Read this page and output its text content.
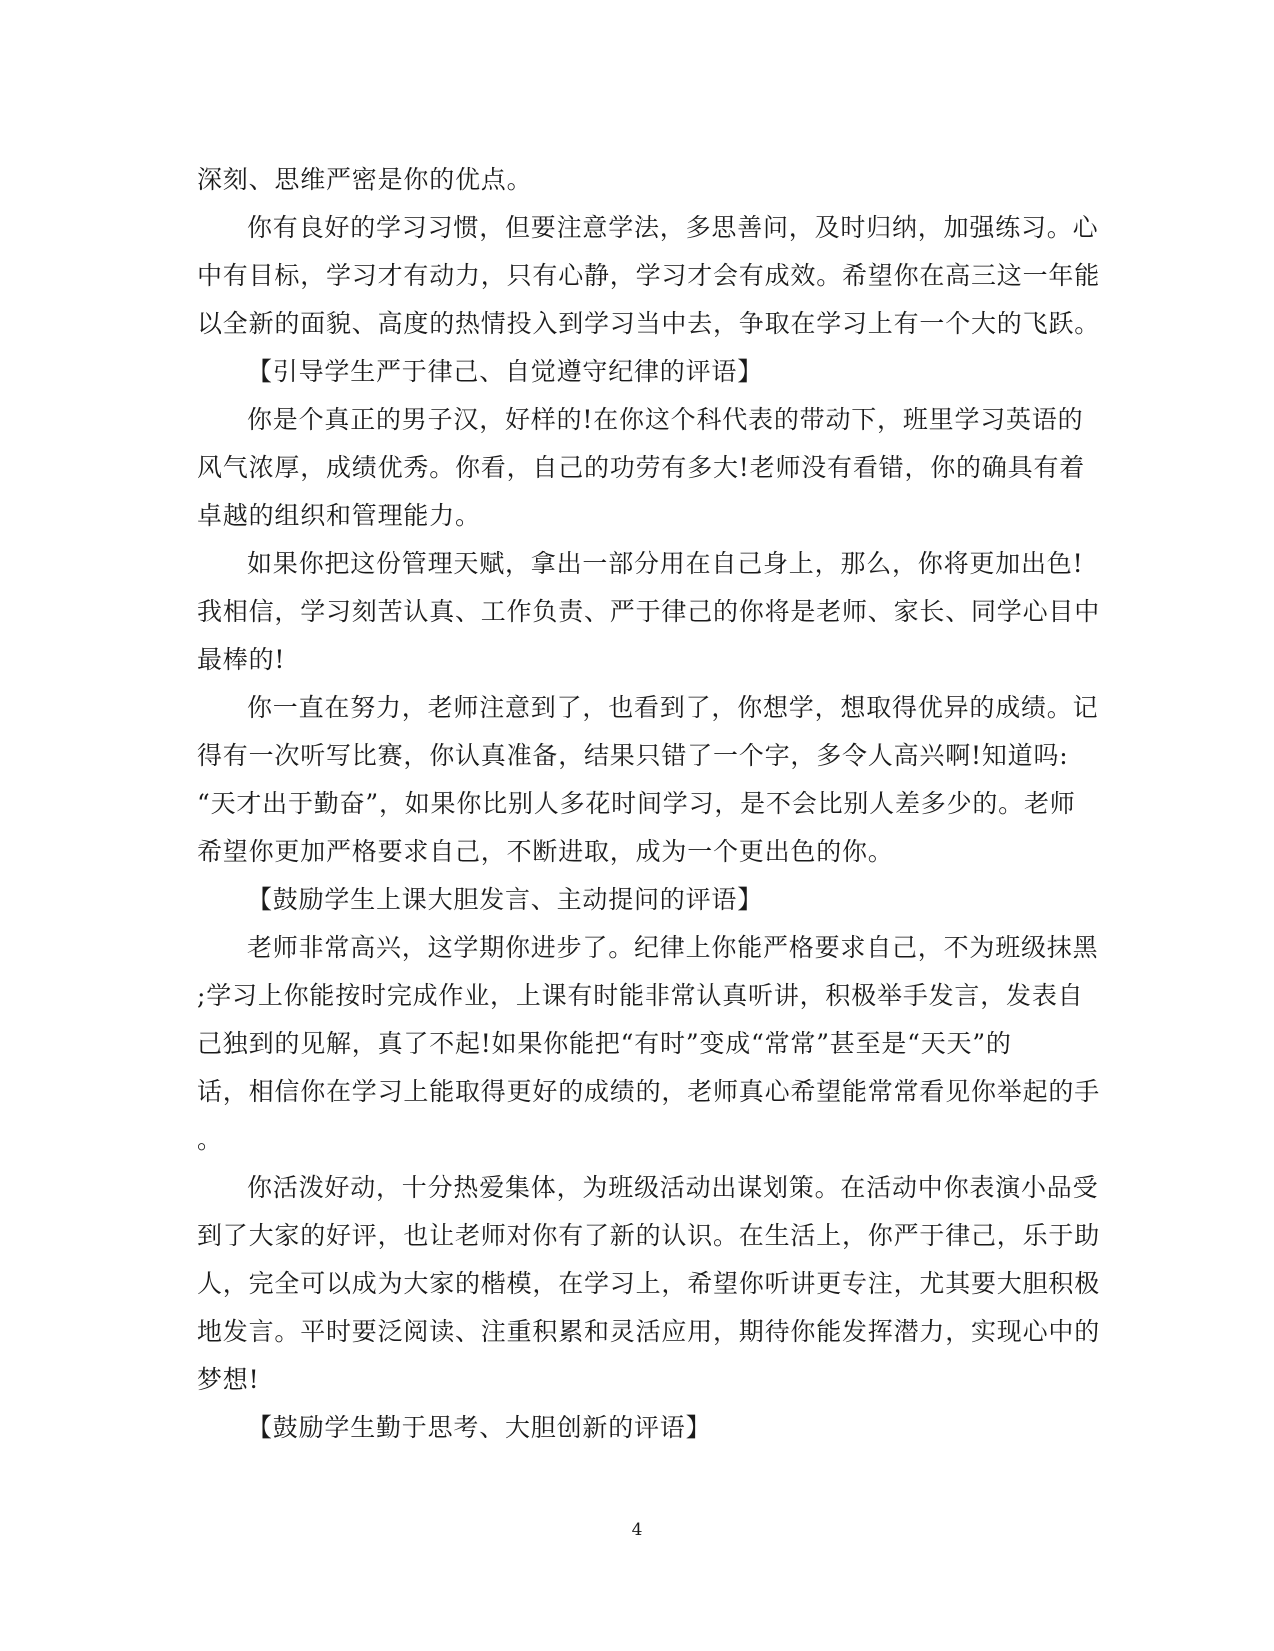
深刻、思维严密是你的优点。
你有良好的学习习惯，但要注意学法，多思善问，及时归纳，加强练习。心
中有目标，学习才有动力，只有心静，学习才会有成效。希望你在高三这一年能
以全新的面貌、高度的热情投入到学习当中去，争取在学习上有一个大的飞跃。
【引导学生严于律己、自觉遵守纪律的评语】
你是个真正的男子汉，好样的!在你这个科代表的带动下，班里学习英语的
风气浓厚，成绩优秀。你看，自己的功劳有多大!老师没有看错，你的确具有着
卓越的组织和管理能力。
如果你把这份管理天赋，拿出一部分用在自己身上，那么，你将更加出色!
我相信，学习刻苦认真、工作负责、严于律己的你将是老师、家长、同学心目中
最棒的!
你一直在努力，老师注意到了，也看到了，你想学，想取得优异的成绩。记
得有一次听写比赛，你认真准备，结果只错了一个字，多令人高兴啊!知道吗:
“天才出于勤奋”，如果你比别人多花时间学习，是不会比别人差多少的。老师
希望你更加严格要求自己，不断进取，成为一个更出色的你。
【鼓励学生上课大胆发言、主动提问的评语】
老师非常高兴，这学期你进步了。纪律上你能严格要求自己，不为班级抹黑
;学习上你能按时完成作业，上课有时能非常认真听讲，积极举手发言，发表自
己独到的见解，真了不起!如果你能把“有时”变成“常常”甚至是“天天”的
话，相信你在学习上能取得更好的成绩的，老师真心希望能常常看见你举起的手
。
你活泼好动，十分热爱集体，为班级活动出谋划策。在活动中你表演小品受
到了大家的好评，也让老师对你有了新的认识。在生活上，你严于律己，乐于助
人，完全可以成为大家的楷模，在学习上，希望你听讲更专注，尤其要大胆积极
地发言。平时要泛阅读、注重积累和灵活应用，期待你能发挥潜力，实现心中的
梦想!
【鼓励学生勤于思考、大胆创新的评语】
4
